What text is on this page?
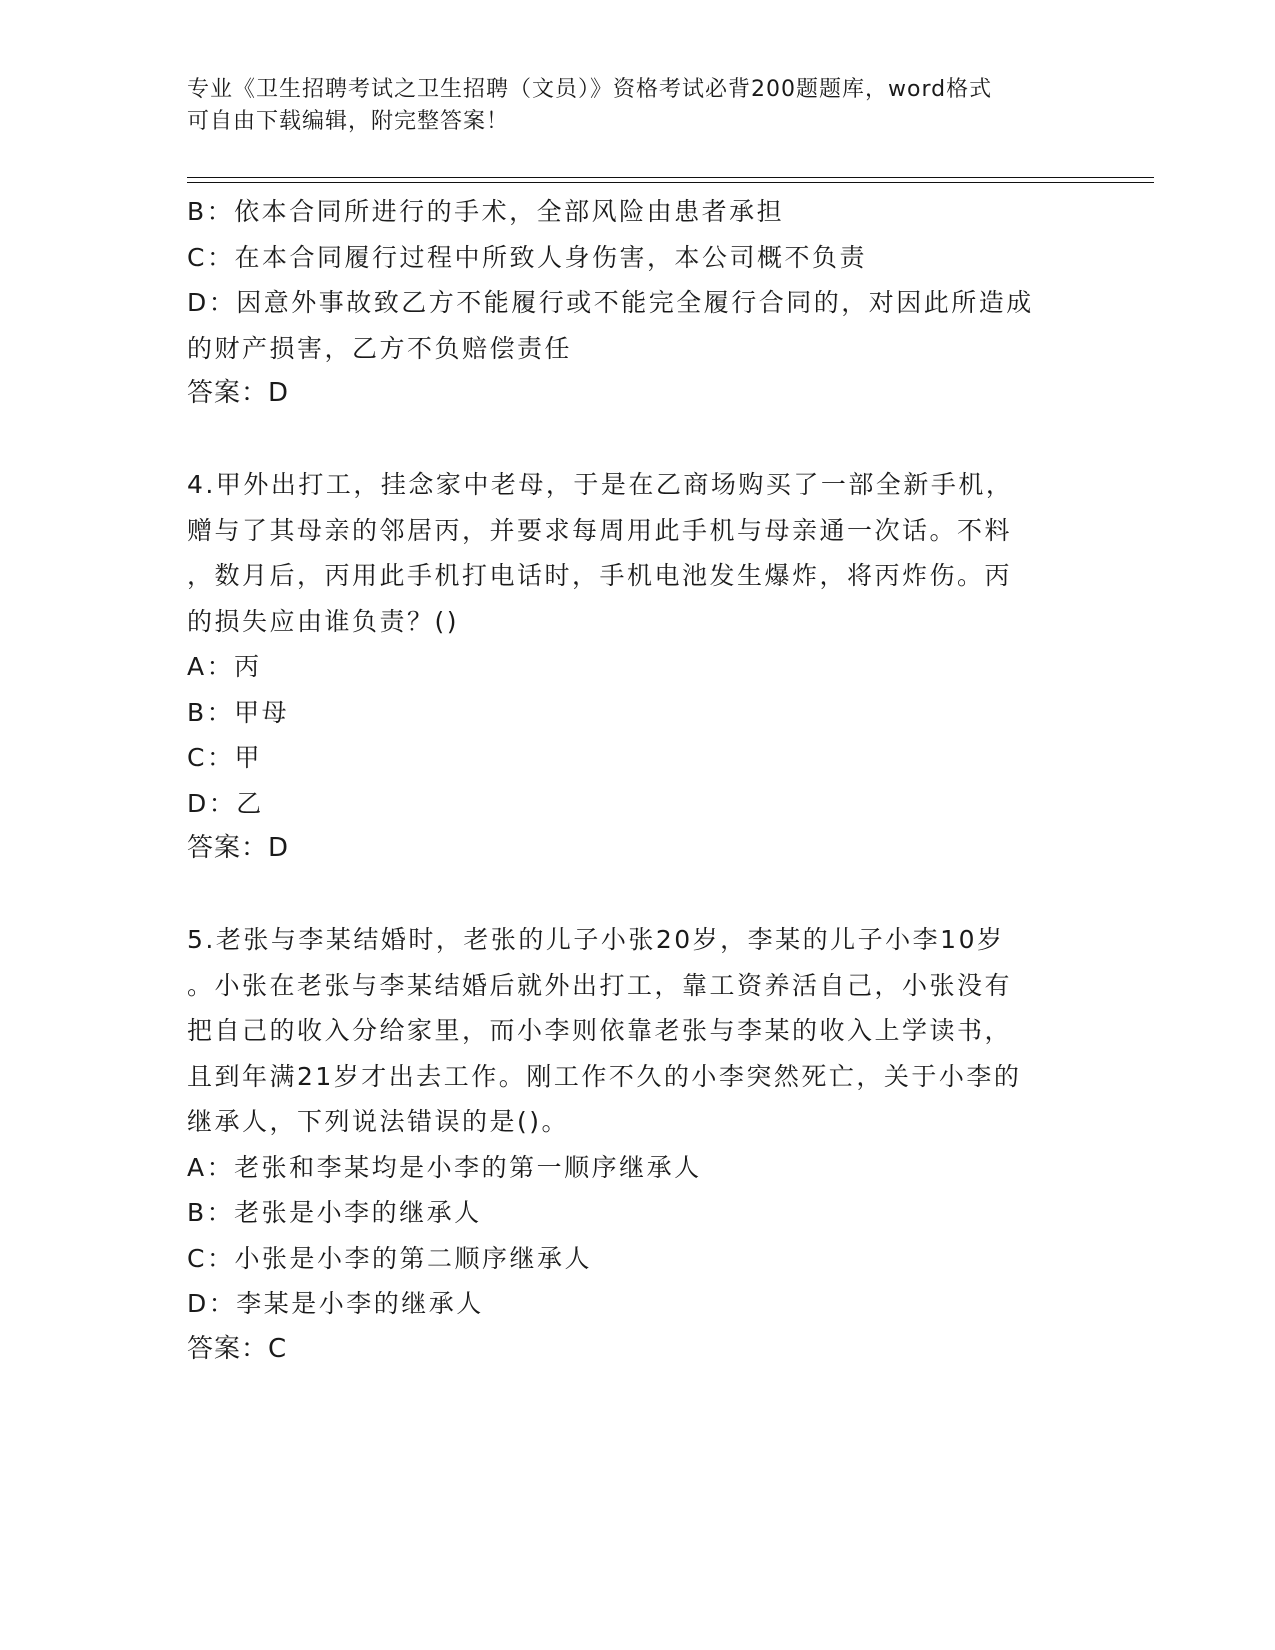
专业《卫生招聘考试之卫生招聘（文员）》资格考试必背200题题库，word格式
可自由下载编辑，附完整答案！
B：依本合同所进行的手术，全部风险由患者承担
C：在本合同履行过程中所致人身伤害，本公司概不负责
D：因意外事故致乙方不能履行或不能完全履行合同的，对因此所造成
的财产损害，乙方不负赔偿责任
答案：D
4.甲外出打工，挂念家中老母，于是在乙商场购买了一部全新手机，
赠与了其母亲的邻居丙，并要求每周用此手机与母亲通一次话。不料
，数月后，丙用此手机打电话时，手机电池发生爆炸，将丙炸伤。丙
的损失应由谁负责？()
A：丙
B：甲母
C：甲
D：乙
答案：D
5.老张与李某结婚时，老张的儿子小张20岁，李某的儿子小李10岁
。小张在老张与李某结婚后就外出打工，靠工资养活自己，小张没有
把自己的收入分给家里，而小李则依靠老张与李某的收入上学读书，
且到年满21岁才出去工作。刚工作不久的小李突然死亡，关于小李的
继承人，下列说法错误的是()。
A：老张和李某均是小李的第一顺序继承人
B：老张是小李的继承人
C：小张是小李的第二顺序继承人
D：李某是小李的继承人
答案：C
